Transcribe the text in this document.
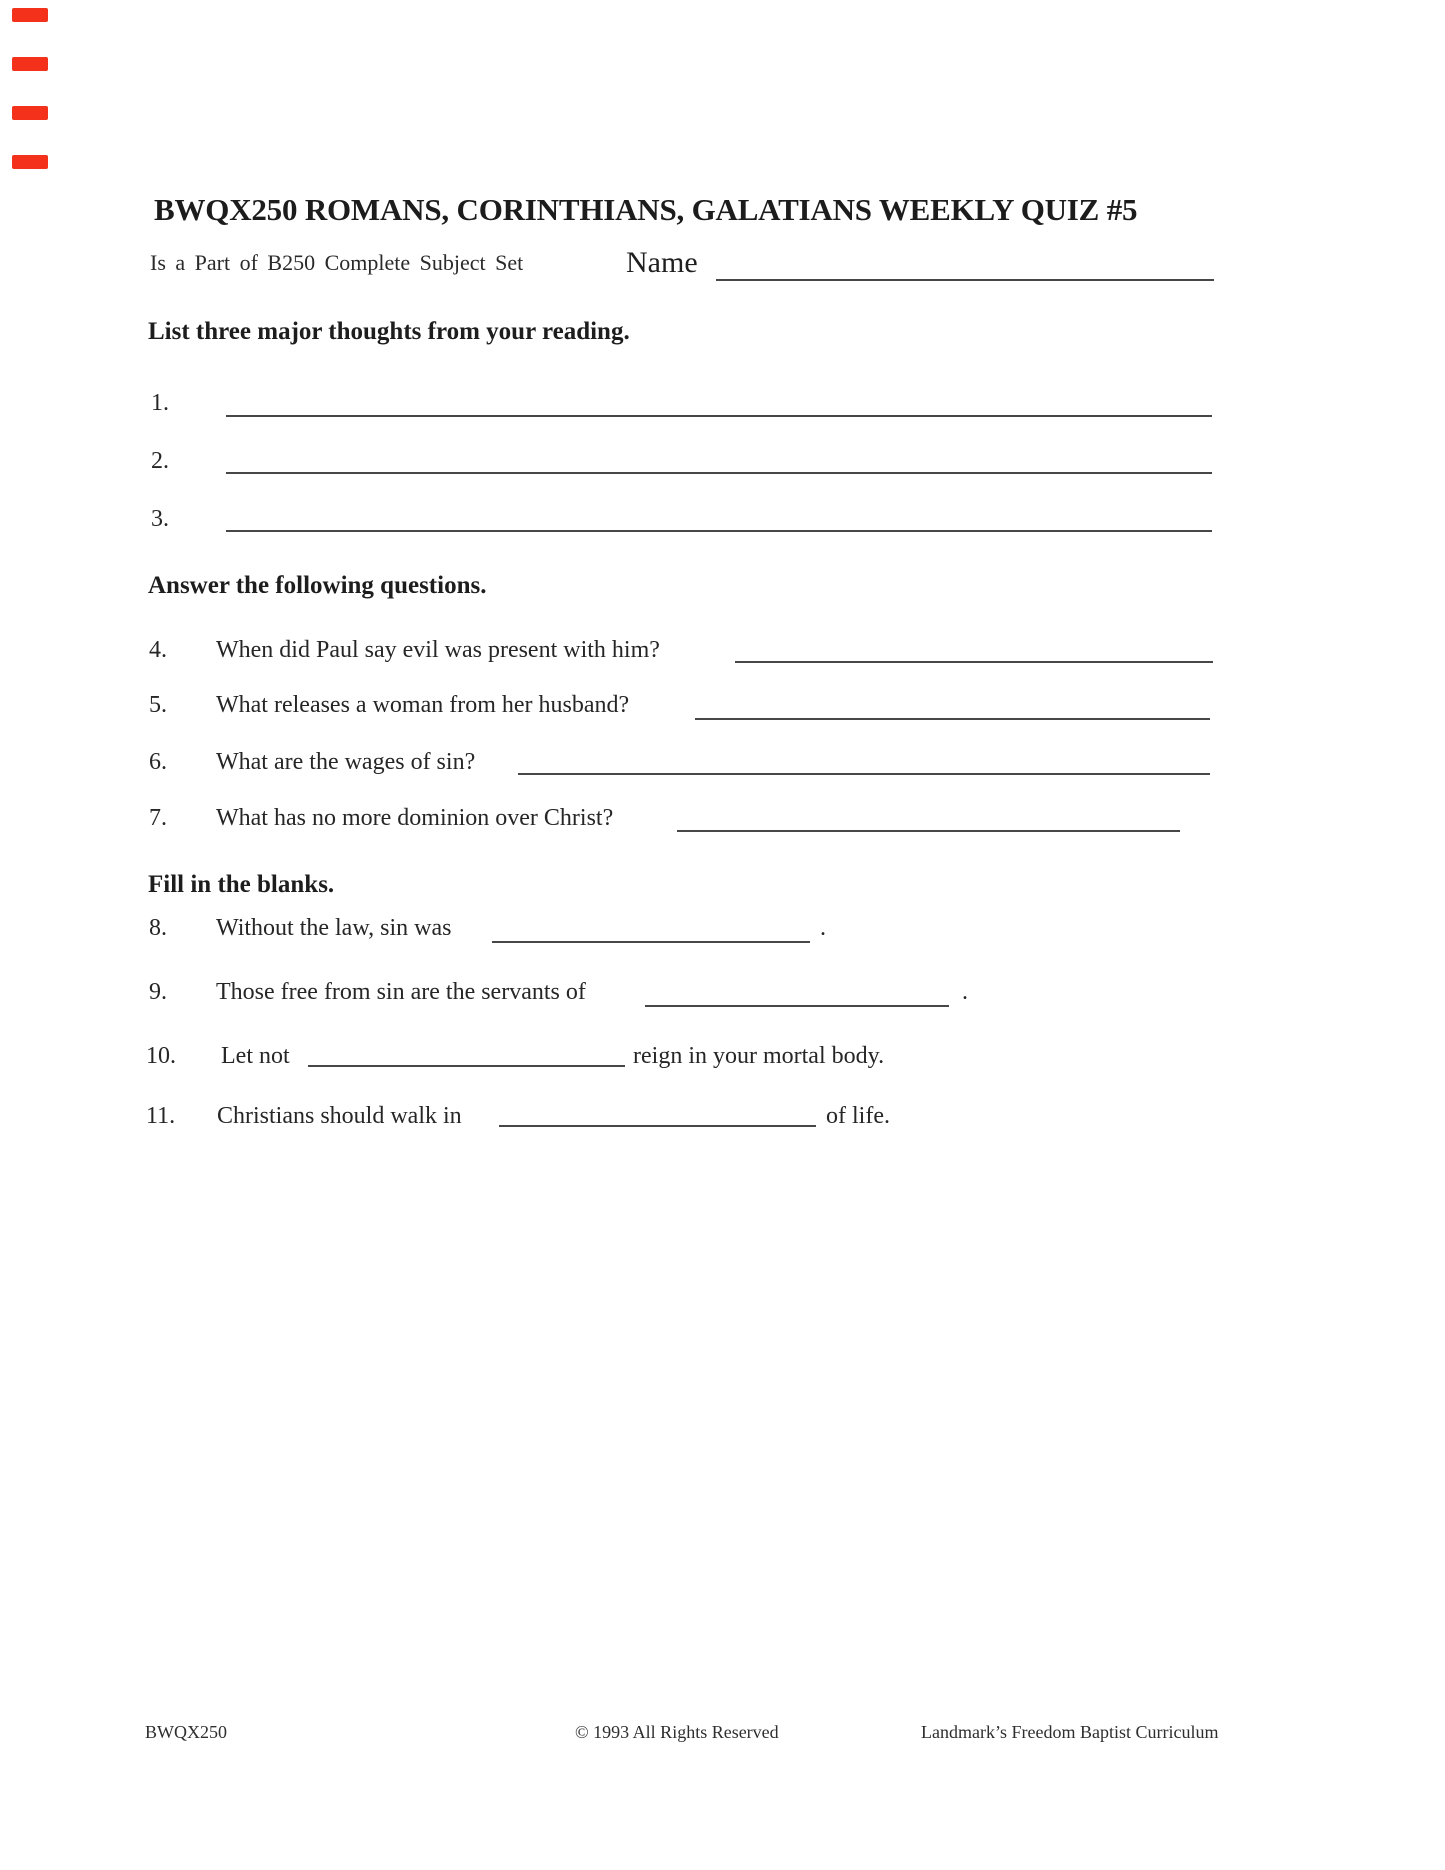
BWQX250 ROMANS, CORINTHIANS, GALATIANS WEEKLY QUIZ #5
Is a Part of B250 Complete Subject Set	Name
List three major thoughts from your reading.
1.
2.
3.
Answer the following questions.
4. When did Paul say evil was present with him?
5. What releases a woman from her husband?
6. What are the wages of sin?
7. What has no more dominion over Christ?
Fill in the blanks.
8. Without the law, sin was	.
9. Those free from sin are the servants of	.
10. Let not	reign in your mortal body.
11. Christians should walk in	of life.
BWQX250	© 1993 All Rights Reserved	Landmark’s Freedom Baptist Curriculum
